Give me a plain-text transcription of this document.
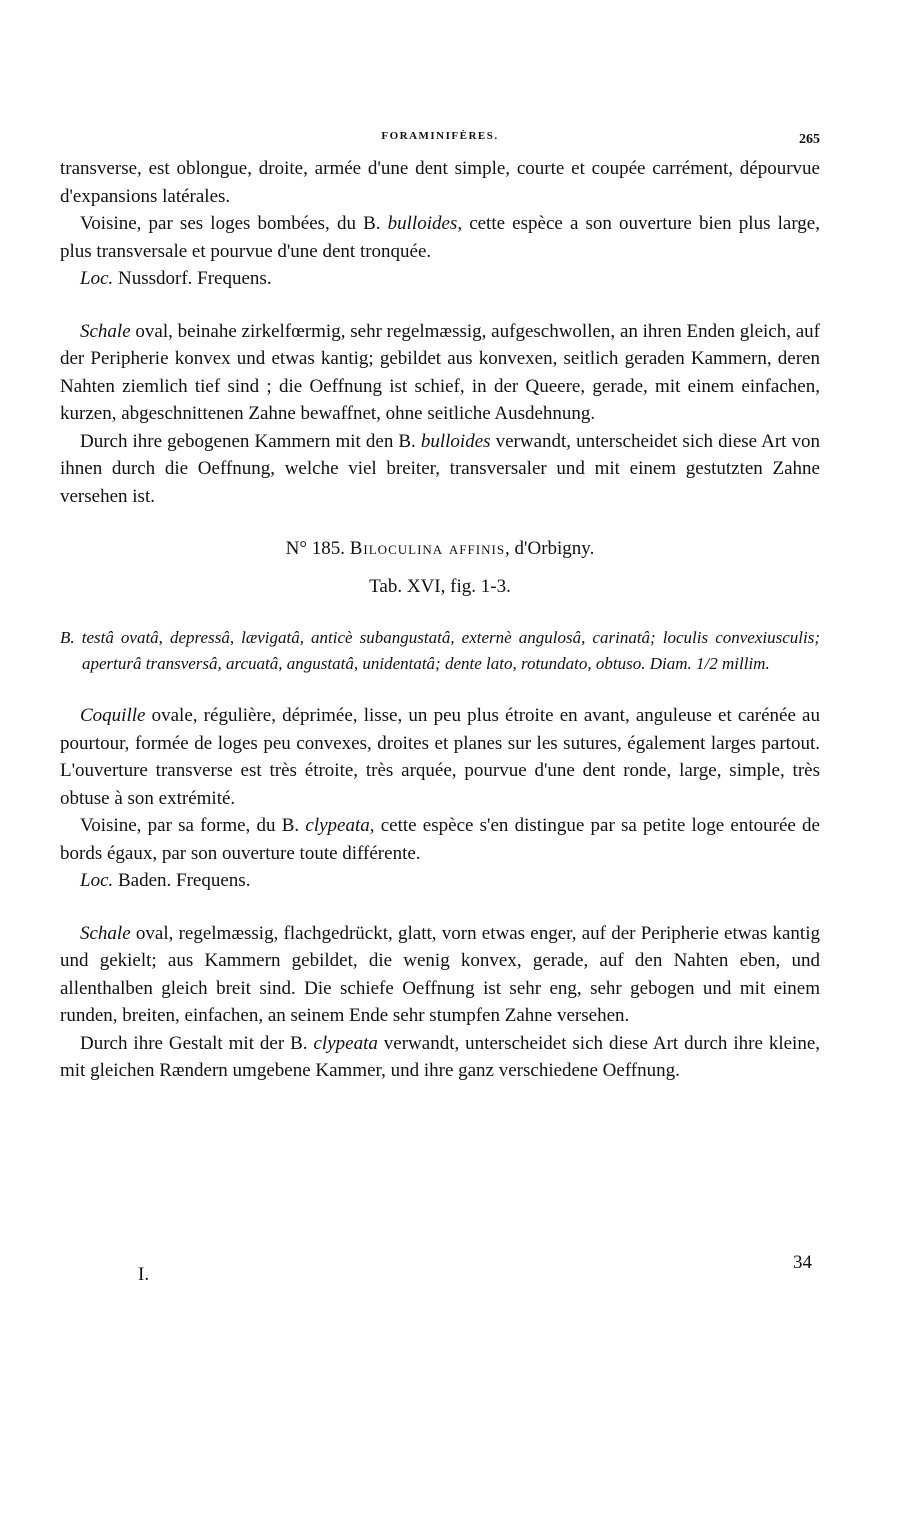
FORAMINIFÈRES.	265

transverse, est oblongue, droite, armée d'une dent simple, courte et coupée carrément, dépourvue d'expansions latérales.

Voisine, par ses loges bombées, du B. bulloides, cette espèce a son ouverture bien plus large, plus transversale et pourvue d'une dent tronquée.

Loc. Nussdorf. Frequens.

Schale oval, beinahe zirkelfœrmig, sehr regelmæssig, aufgeschwollen, an ihren Enden gleich, auf der Peripherie konvex und etwas kantig; gebildet aus konvexen, seitlich geraden Kammern, deren Nahten ziemlich tief sind ; die Oeffnung ist schief, in der Queere, gerade, mit einem einfachen, kurzen, abgeschnittenen Zahne bewaffnet, ohne seitliche Ausdehnung.

Durch ihre gebogenen Kammern mit den B. bulloides verwandt, unterscheidet sich diese Art von ihnen durch die Oeffnung, welche viel breiter, transversaler und mit einem gestutzten Zahne versehen ist.

N° 185. Biloculina affinis, d'Orbigny.

Tab. XVI, fig. 1-3.

B. testâ ovatâ, depressâ, lævigatâ, anticè subangustatâ, externè angulosâ, carinatâ; loculis convexiusculis; aperturâ transversâ, arcuatâ, angustatâ, unidentatâ; dente lato, rotundato, obtuso. Diam. 1/2 millim.

Coquille ovale, régulière, déprimée, lisse, un peu plus étroite en avant, anguleuse et carénée au pourtour, formée de loges peu convexes, droites et planes sur les sutures, également larges partout. L'ouverture transverse est très étroite, très arquée, pourvue d'une dent ronde, large, simple, très obtuse à son extrémité.

Voisine, par sa forme, du B. clypeata, cette espèce s'en distingue par sa petite loge entourée de bords égaux, par son ouverture toute différente.

Loc. Baden. Frequens.

Schale oval, regelmæssig, flachgedrückt, glatt, vorn etwas enger, auf der Peripherie etwas kantig und gekielt; aus Kammern gebildet, die wenig konvex, gerade, auf den Nahten eben, und allenthalben gleich breit sind. Die schiefe Oeffnung ist sehr eng, sehr gebogen und mit einem runden, breiten, einfachen, an seinem Ende sehr stumpfen Zahne versehen.

Durch ihre Gestalt mit der B. clypeata verwandt, unterscheidet sich diese Art durch ihre kleine, mit gleichen Rændern umgebene Kammer, und ihre ganz verschiedene Oeffnung.

I.
34
